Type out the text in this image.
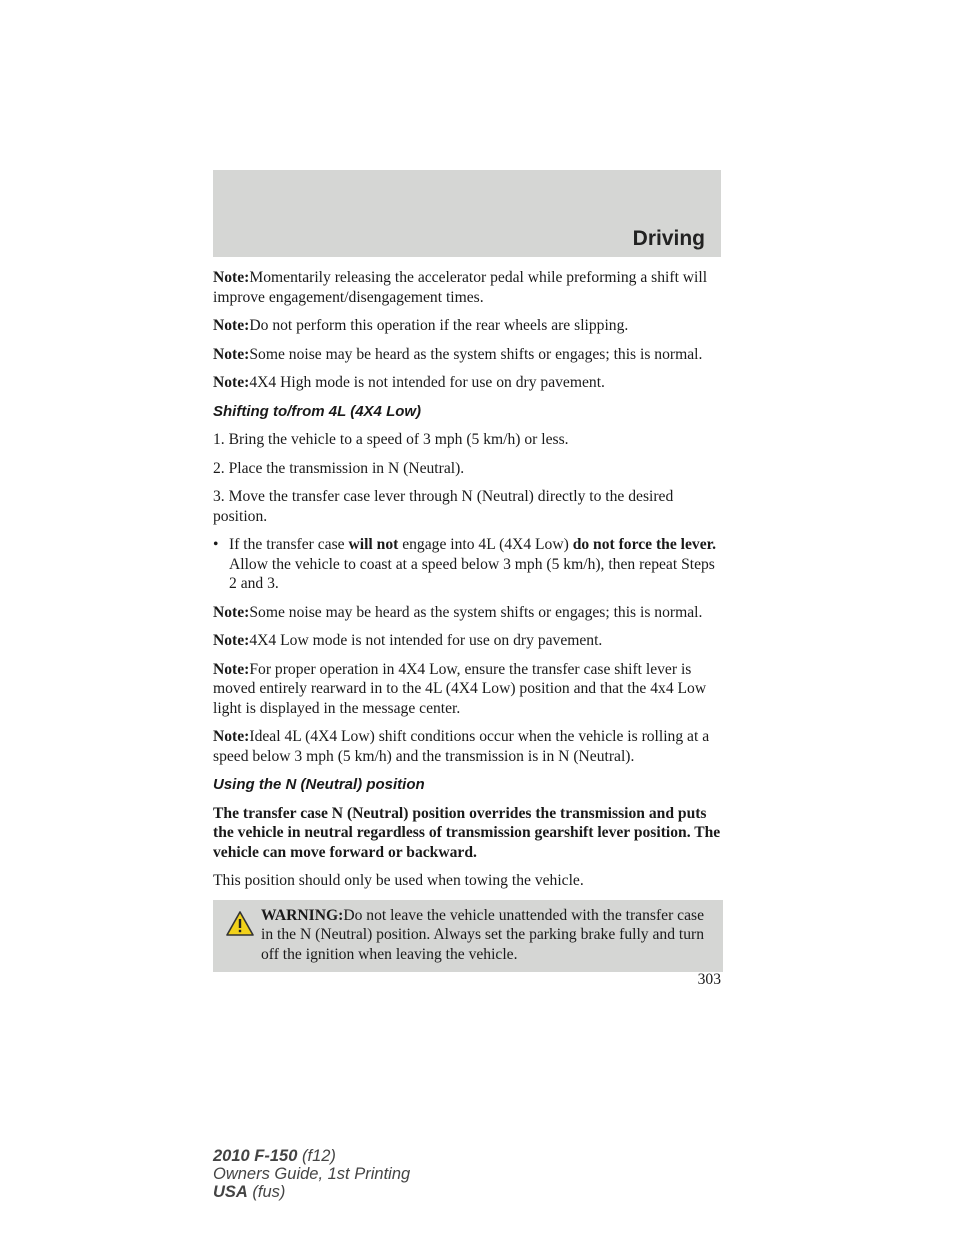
Driving

Note:Momentarily releasing the accelerator pedal while preforming a shift will improve engagement/disengagement times.

Note:Do not perform this operation if the rear wheels are slipping.

Note:Some noise may be heard as the system shifts or engages; this is normal.

Note:4X4 High mode is not intended for use on dry pavement.

Shifting to/from 4L (4X4 Low)

1. Bring the vehicle to a speed of 3 mph (5 km/h) or less.

2. Place the transmission in N (Neutral).

3. Move the transfer case lever through N (Neutral) directly to the desired position.

• If the transfer case will not engage into 4L (4X4 Low) do not force the lever. Allow the vehicle to coast at a speed below 3 mph (5 km/h), then repeat Steps 2 and 3.

Note:Some noise may be heard as the system shifts or engages; this is normal.

Note:4X4 Low mode is not intended for use on dry pavement.

Note:For proper operation in 4X4 Low, ensure the transfer case shift lever is moved entirely rearward in to the 4L (4X4 Low) position and that the 4x4 Low light is displayed in the message center.

Note:Ideal 4L (4X4 Low) shift conditions occur when the vehicle is rolling at a speed below 3 mph (5 km/h) and the transmission is in N (Neutral).

Using the N (Neutral) position

The transfer case N (Neutral) position overrides the transmission and puts the vehicle in neutral regardless of transmission gearshift lever position. The vehicle can move forward or backward.

This position should only be used when towing the vehicle.

WARNING:Do not leave the vehicle unattended with the transfer case in the N (Neutral) position. Always set the parking brake fully and turn off the ignition when leaving the vehicle.
303
2010 F-150 (f12)
Owners Guide, 1st Printing
USA (fus)
